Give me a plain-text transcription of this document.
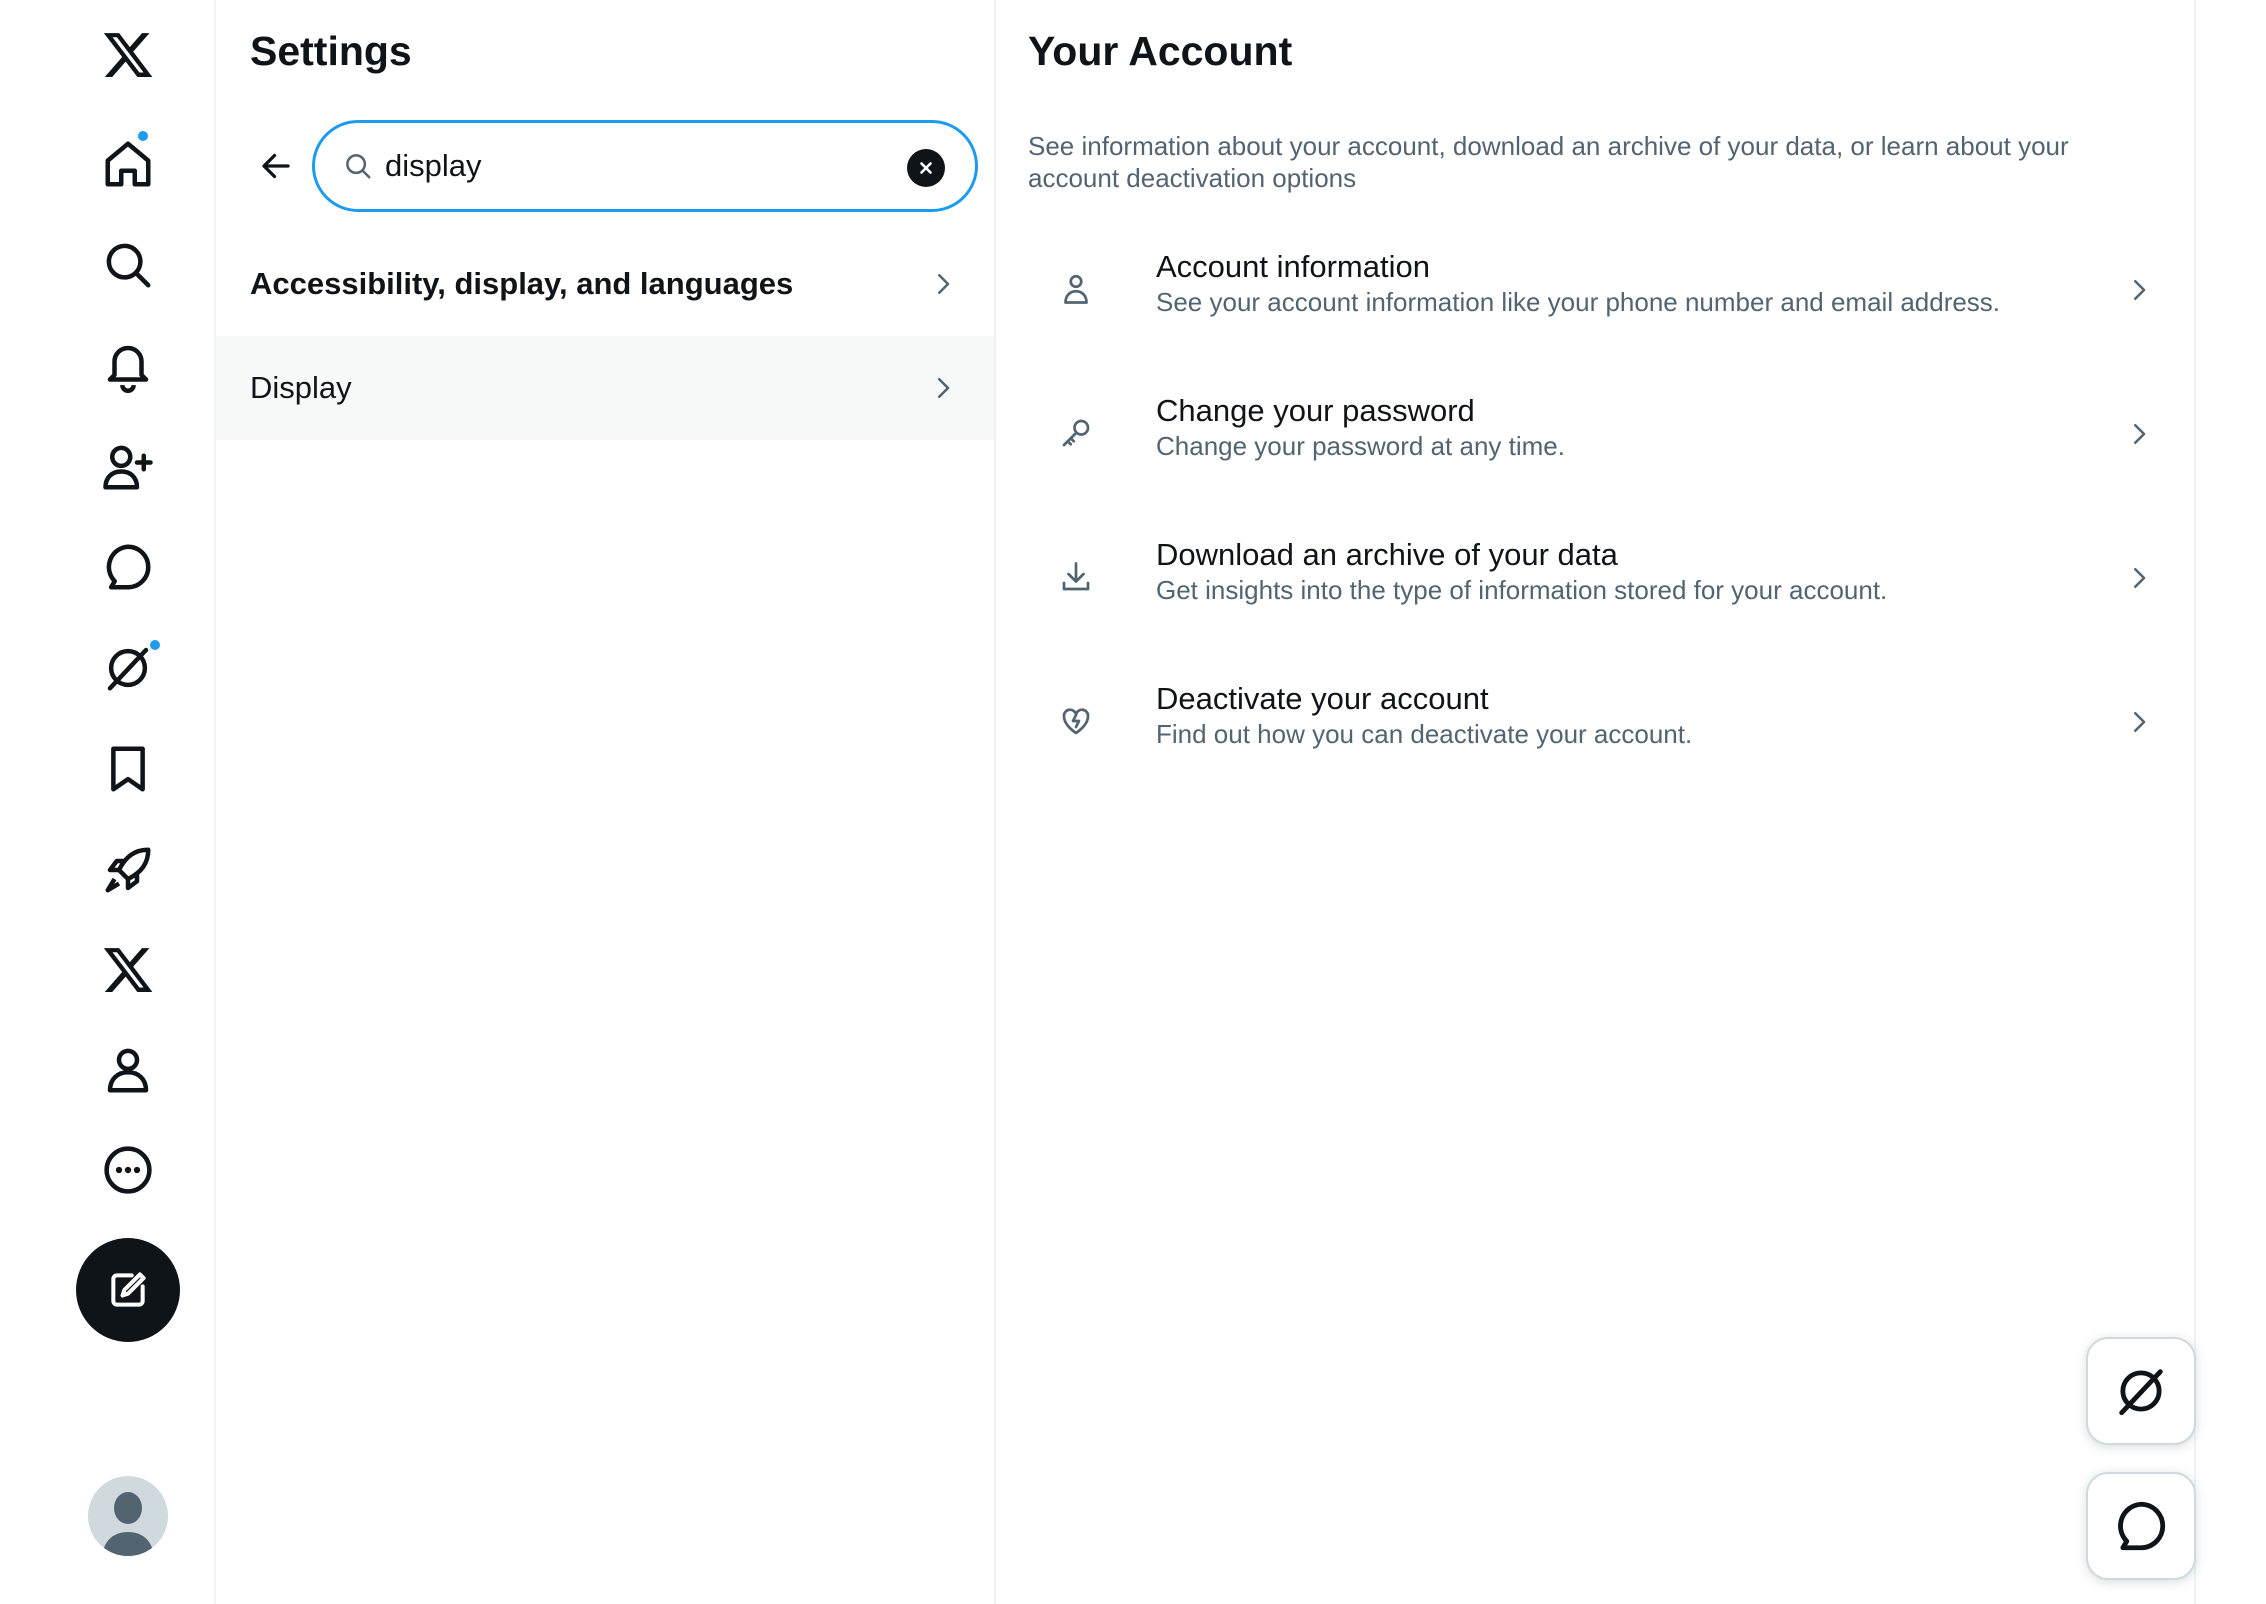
Settings
display
Accessibility, display, and languages
Display
Your Account

See information about your account, download an archive of your data, or learn about your account deactivation options

Account information
See your account information like your phone number and email address.
Change your password
Change your password at any time.
Download an archive of your data
Get insights into the type of information stored for your account.
Deactivate your account
Find out how you can deactivate your account.
